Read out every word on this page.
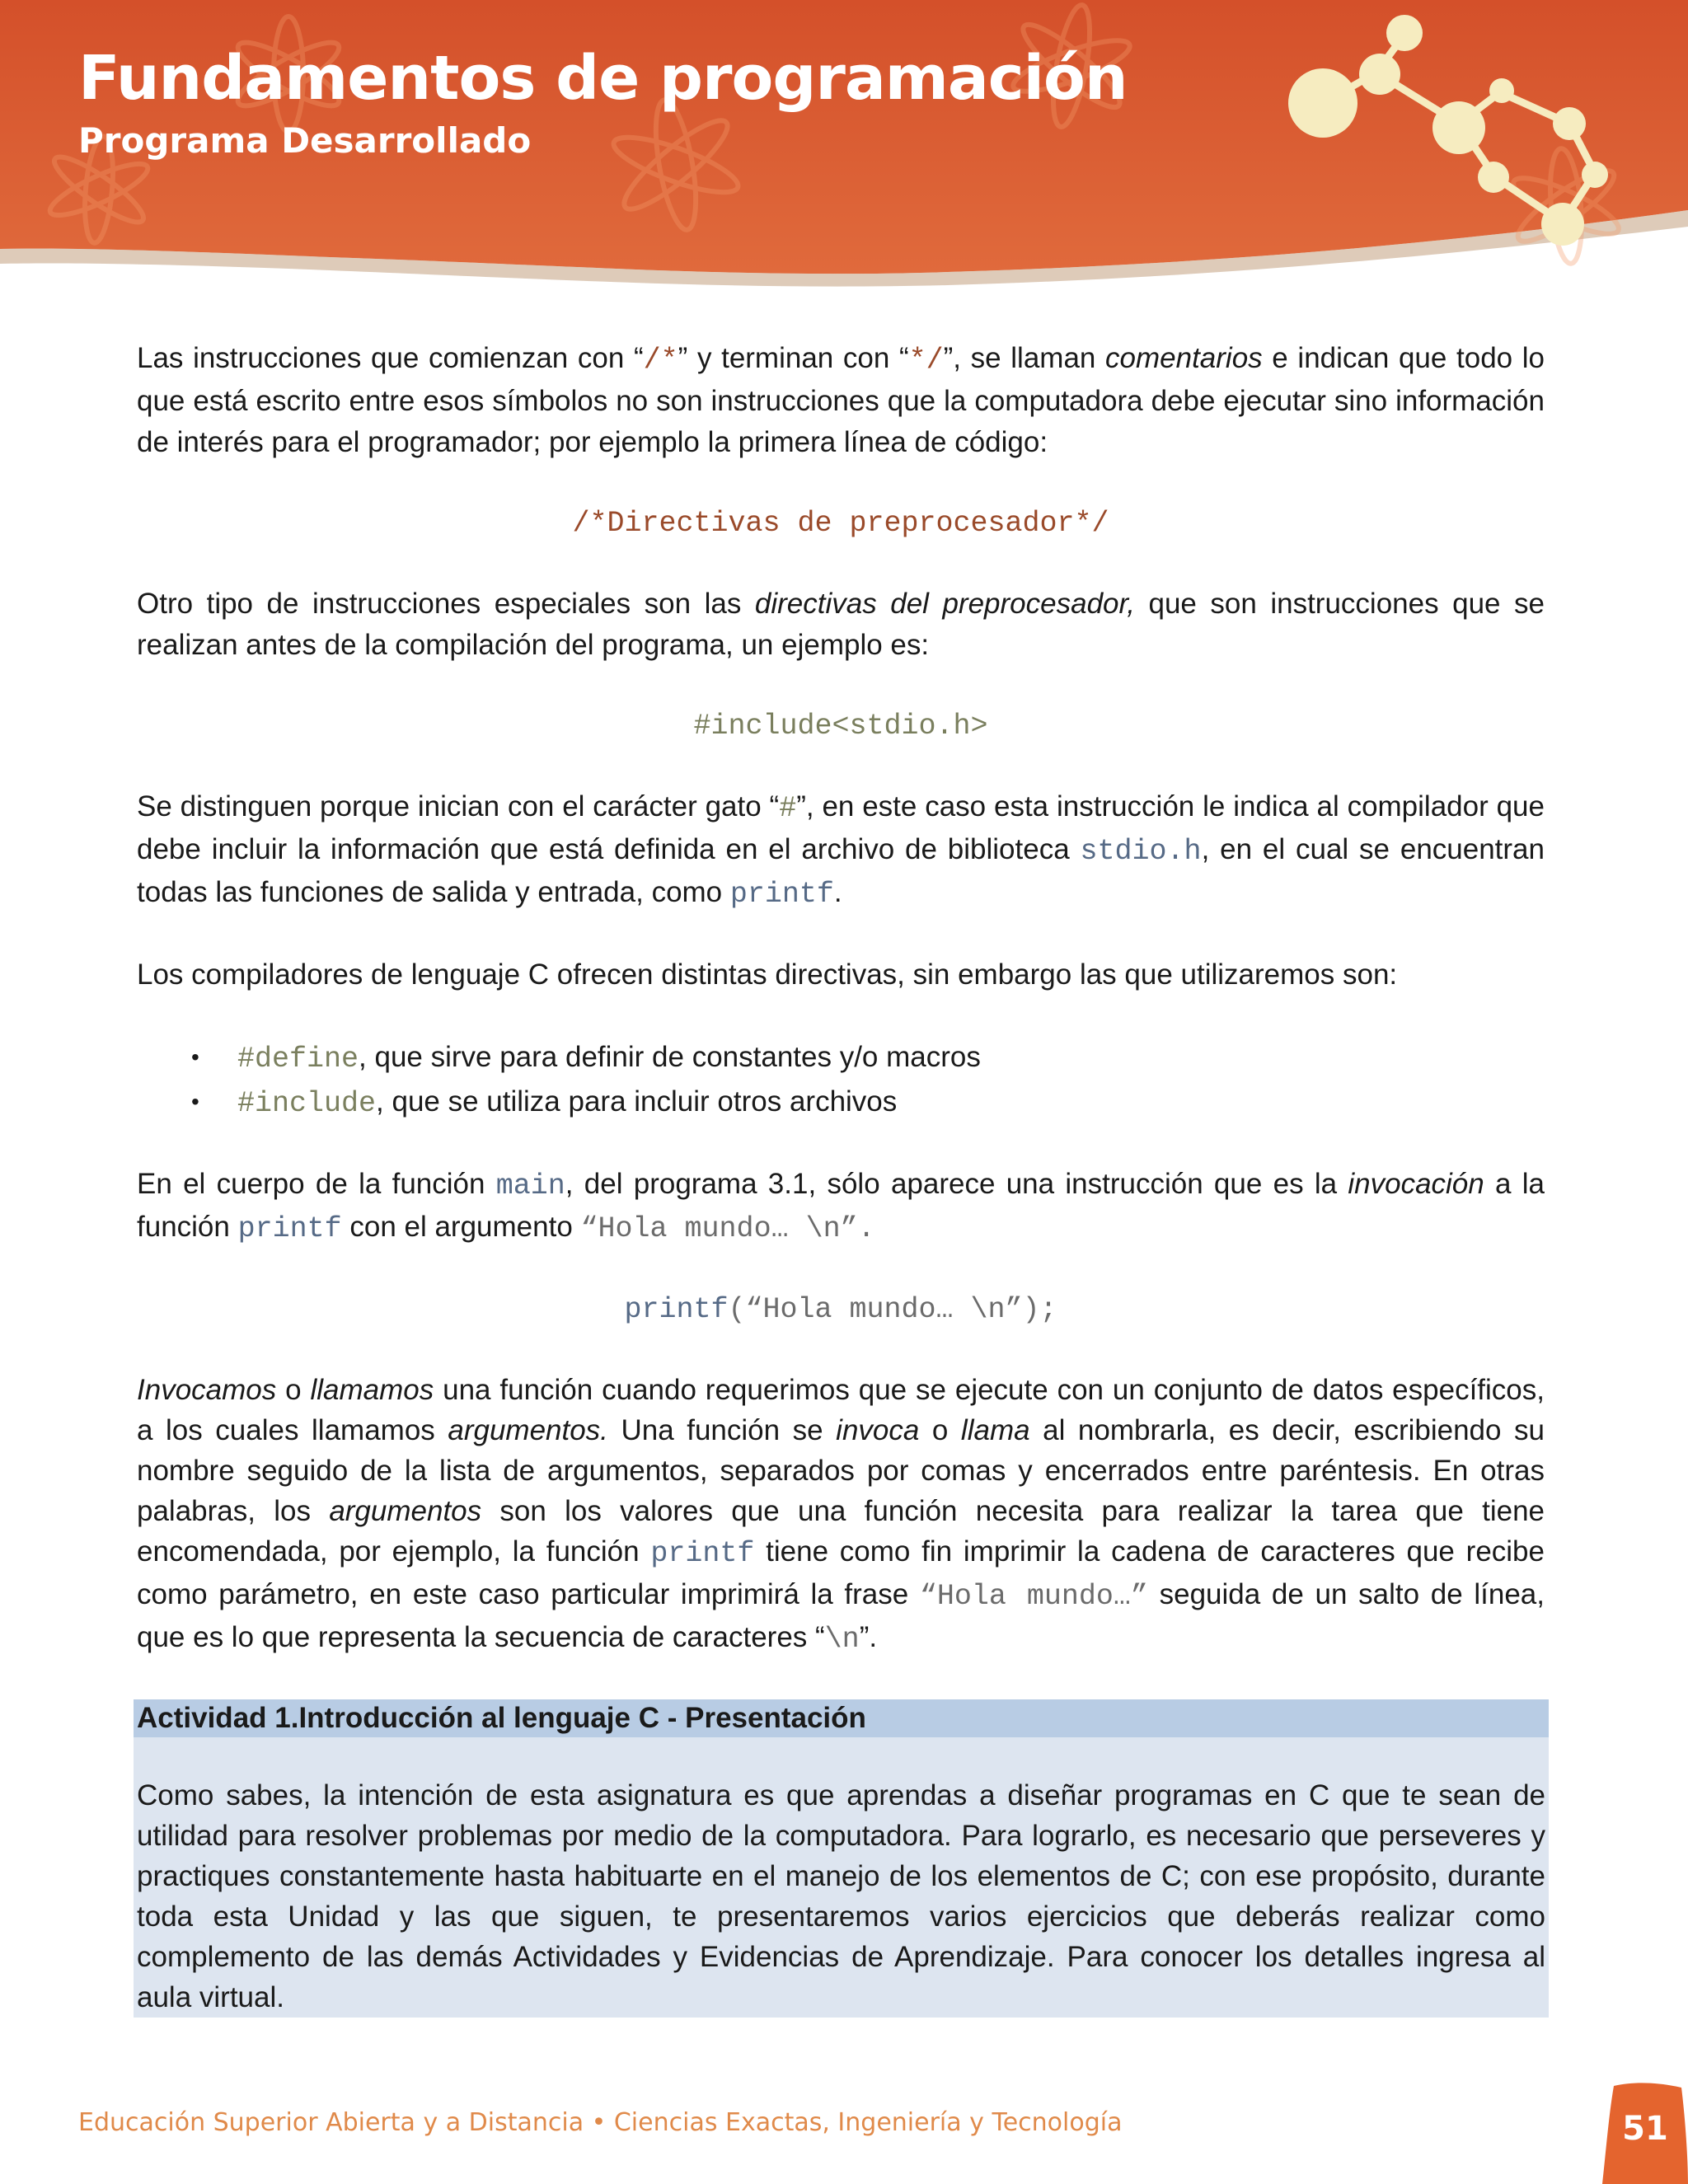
Fundamentos de programación
Programa Desarrollado

Las instrucciones que comienzan con “/*” y terminan con “*/”, se llaman comentarios e indican que todo lo que está escrito entre esos símbolos no son instrucciones que la computadora debe ejecutar sino información de interés para el programador; por ejemplo la primera línea de código:

/*Directivas de preprocesador*/

Otro tipo de instrucciones especiales son las directivas del preprocesador, que son instrucciones que se realizan antes de la compilación del programa, un ejemplo es:

#include<stdio.h>

Se distinguen porque inician con el carácter gato “#”, en este caso esta instrucción le indica al compilador que debe incluir la información que está definida en el archivo de biblioteca stdio.h, en el cual se encuentran todas las funciones de salida y entrada, como printf.

Los compiladores de lenguaje C ofrecen distintas directivas, sin embargo las que utilizaremos son:

• #define, que sirve para definir de constantes y/o macros
• #include, que se utiliza para incluir otros archivos

En el cuerpo de la función main, del programa 3.1, sólo aparece una instrucción que es la invocación a la función printf con el argumento “Hola mundo… \n”.

printf(“Hola mundo… \n”);

Invocamos o llamamos una función cuando requerimos que se ejecute con un conjunto de datos específicos, a los cuales llamamos argumentos. Una función se invoca o llama al nombrarla, es decir, escribiendo su nombre seguido de la lista de argumentos, separados por comas y encerrados entre paréntesis. En otras palabras, los argumentos son los valores que una función necesita para realizar la tarea que tiene encomendada, por ejemplo, la función printf tiene como fin imprimir la cadena de caracteres que recibe como parámetro, en este caso particular imprimirá la frase “Hola mundo…” seguida de un salto de línea, que es lo que representa la secuencia de caracteres “\n”.

Actividad 1.Introducción al lenguaje C - Presentación

Como sabes, la intención de esta asignatura es que aprendas a diseñar programas en C que te sean de utilidad para resolver problemas por medio de la computadora. Para lograrlo, es necesario que perseveres y practiques constantemente hasta habituarte en el manejo de los elementos de C; con ese propósito, durante toda esta Unidad y las que siguen, te presentaremos varios ejercicios que deberás realizar como complemento de las demás Actividades y Evidencias de Aprendizaje. Para conocer los detalles ingresa al aula virtual.

Educación Superior Abierta y a Distancia • Ciencias Exactas, Ingeniería y Tecnología	51
